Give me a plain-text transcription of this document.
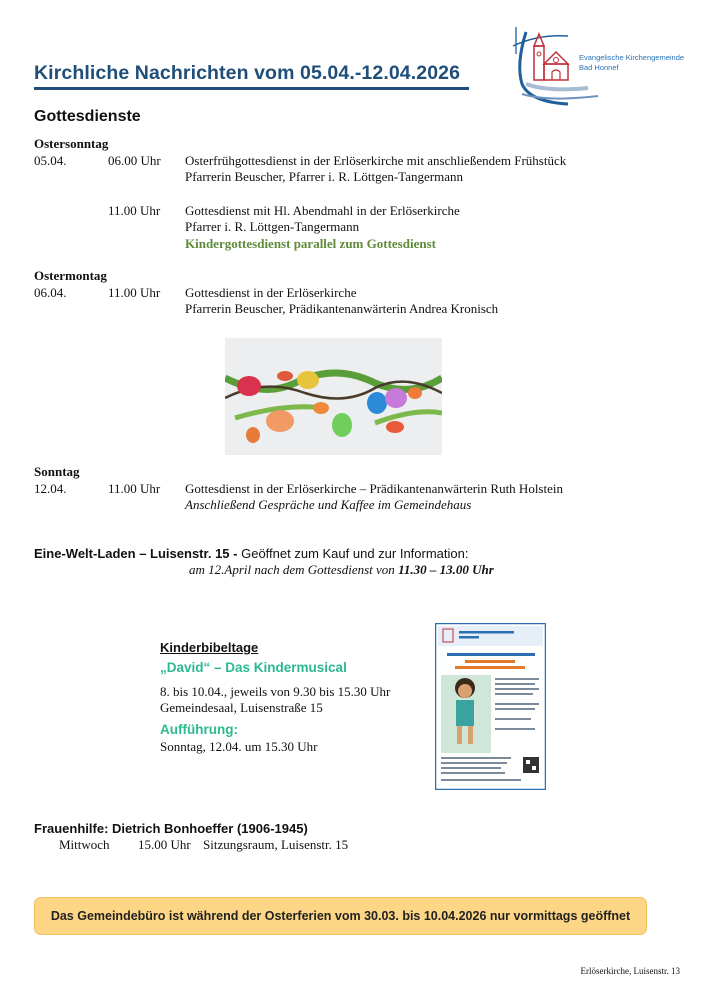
Kirchliche Nachrichten vom 05.04.-12.04.2026
Evangelische Kirchengemeinde
Bad Honnef
Gottesdienste
Ostersonntag
05.04.	06.00 Uhr Osterfrühgottesdienst in der Erlöserkirche mit anschließendem Frühstück
Pfarrerin Beuscher, Pfarrer i. R. Löttgen-Tangermann
11.00 Uhr Gottesdienst mit Hl. Abendmahl in der Erlöserkirche
Pfarrer i. R. Löttgen-Tangermann
Kindergottesdienst parallel zum Gottesdienst
Ostermontag
06.04.	11.00 Uhr Gottesdienst in der Erlöserkirche
Pfarrerin Beuscher, Prädikantenanwärterin Andrea Kronisch
Sonntag
12.04.	11.00 Uhr Gottesdienst in der Erlöserkirche – Prädikantenanwärterin Ruth Holstein
Anschließend Gespräche und Kaffee im Gemeindehaus
Eine-Welt-Laden – Luisenstr. 15 - Geöffnet zum Kauf und zur Information:
am 12.April nach dem Gottesdienst von 11.30 – 13.00 Uhr
Kinderbibeltage
„David“ – Das Kindermusical
8. bis 10.04., jeweils von 9.30 bis 15.30 Uhr
Gemeindesaal, Luisenstraße 15
Aufführung:
Sonntag, 12.04. um 15.30 Uhr
Frauenhilfe: Dietrich Bonhoeffer (1906-1945)
Mittwoch 15.00 Uhr Sitzungsraum, Luisenstr. 15
Das Gemeindebüro ist während der Osterferien vom 30.03. bis 10.04.2026 nur vormittags geöffnet
Erlöserkirche, Luisenstr. 13
